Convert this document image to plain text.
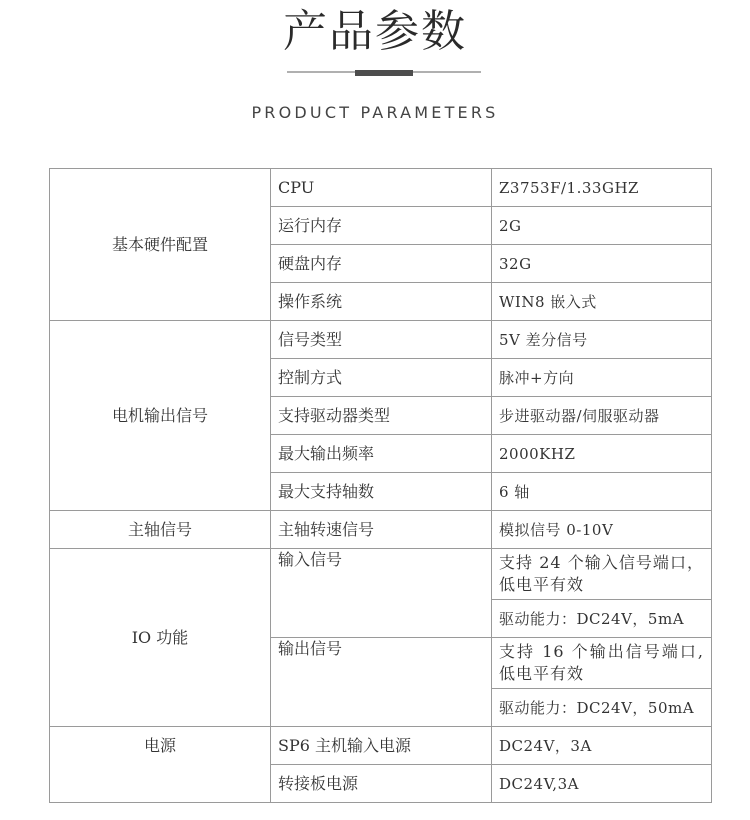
产品参数
PRODUCT PARAMETERS
基本硬件配置	CPU	Z3753F/1.33GHZ
	运行内存	2G
	硬盘内存	32G
	操作系统	WIN8 嵌入式
电机输出信号	信号类型	5V 差分信号
	控制方式	脉冲+方向
	支持驱动器类型	步进驱动器/伺服驱动器
	最大输出频率	2000KHZ
	最大支持轴数	6 轴
主轴信号	主轴转速信号	模拟信号 0-10V
IO 功能	输入信号	支持 24 个输入信号端口，低电平有效

		驱动能力：DC24V，5mA
	输出信号	支持 16 个输出信号端口,低电平有效

		驱动能力：DC24V，50mA
电源	SP6 主机输入电源	DC24V，3A
	转接板电源	DC24V,3A
